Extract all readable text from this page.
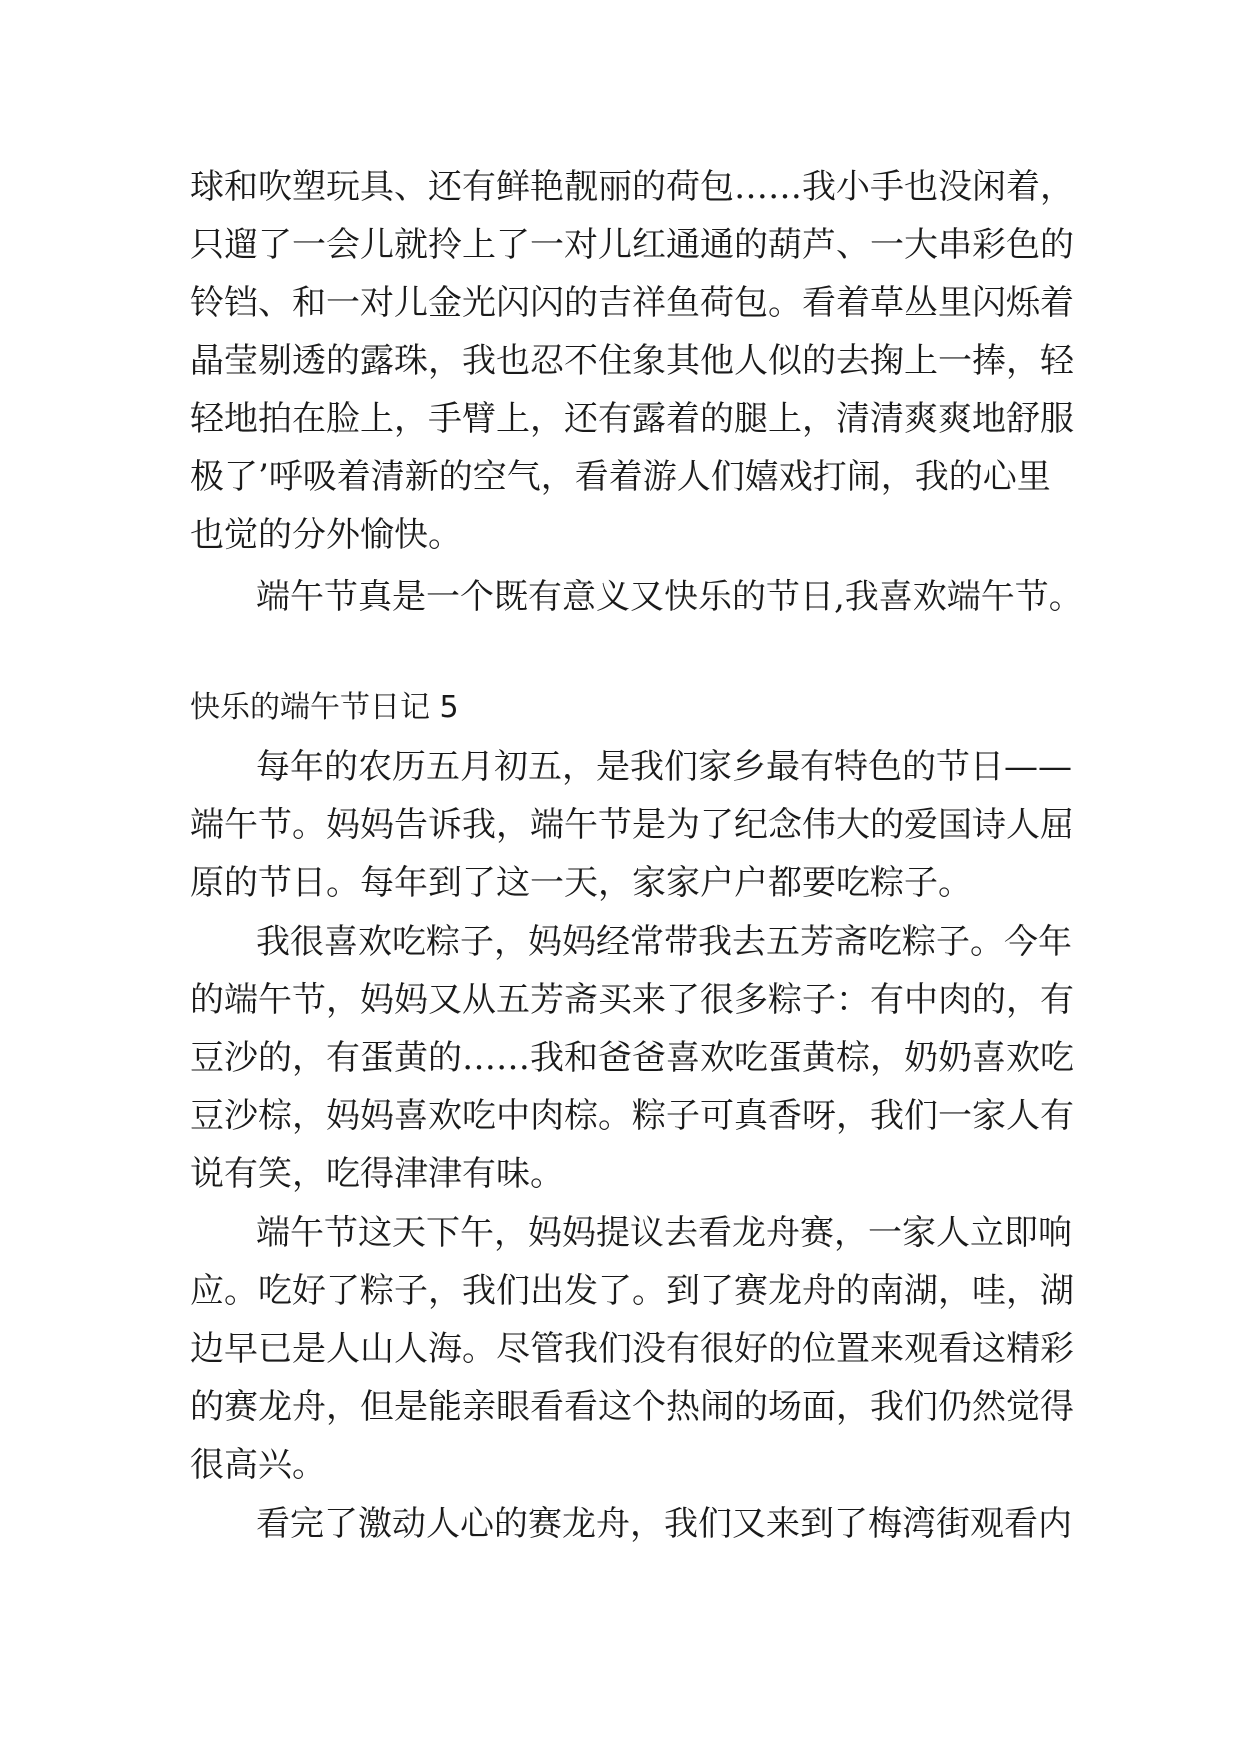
球和吹塑玩具、还有鲜艳靓丽的荷包……我小手也没闲着，

只遛了一会儿就拎上了一对儿红通通的葫芦、一大串彩色的

铃铛、和一对儿金光闪闪的吉祥鱼荷包。看着草丛里闪烁着

晶莹剔透的露珠，我也忍不住象其他人似的去掬上一捧，轻

轻地拍在脸上，手臂上，还有露着的腿上，清清爽爽地舒服

极了’呼吸着清新的空气，看着游人们嬉戏打闹，我的心里

也觉的分外愉快。

端午节真是一个既有意义又快乐的节日,我喜欢端午节。

快乐的端午节日记 5

每年的农历五月初五，是我们家乡最有特色的节日——

端午节。妈妈告诉我，端午节是为了纪念伟大的爱国诗人屈

原的节日。每年到了这一天，家家户户都要吃粽子。

我很喜欢吃粽子，妈妈经常带我去五芳斋吃粽子。今年

的端午节，妈妈又从五芳斋买来了很多粽子：有中肉的，有

豆沙的，有蛋黄的……我和爸爸喜欢吃蛋黄棕，奶奶喜欢吃

豆沙棕，妈妈喜欢吃中肉棕。粽子可真香呀，我们一家人有

说有笑，吃得津津有味。

端午节这天下午，妈妈提议去看龙舟赛，一家人立即响

应。吃好了粽子，我们出发了。到了赛龙舟的南湖，哇，湖

边早已是人山人海。尽管我们没有很好的位置来观看这精彩

的赛龙舟，但是能亲眼看看这个热闹的场面，我们仍然觉得

很高兴。

看完了激动人心的赛龙舟，我们又来到了梅湾街观看内
